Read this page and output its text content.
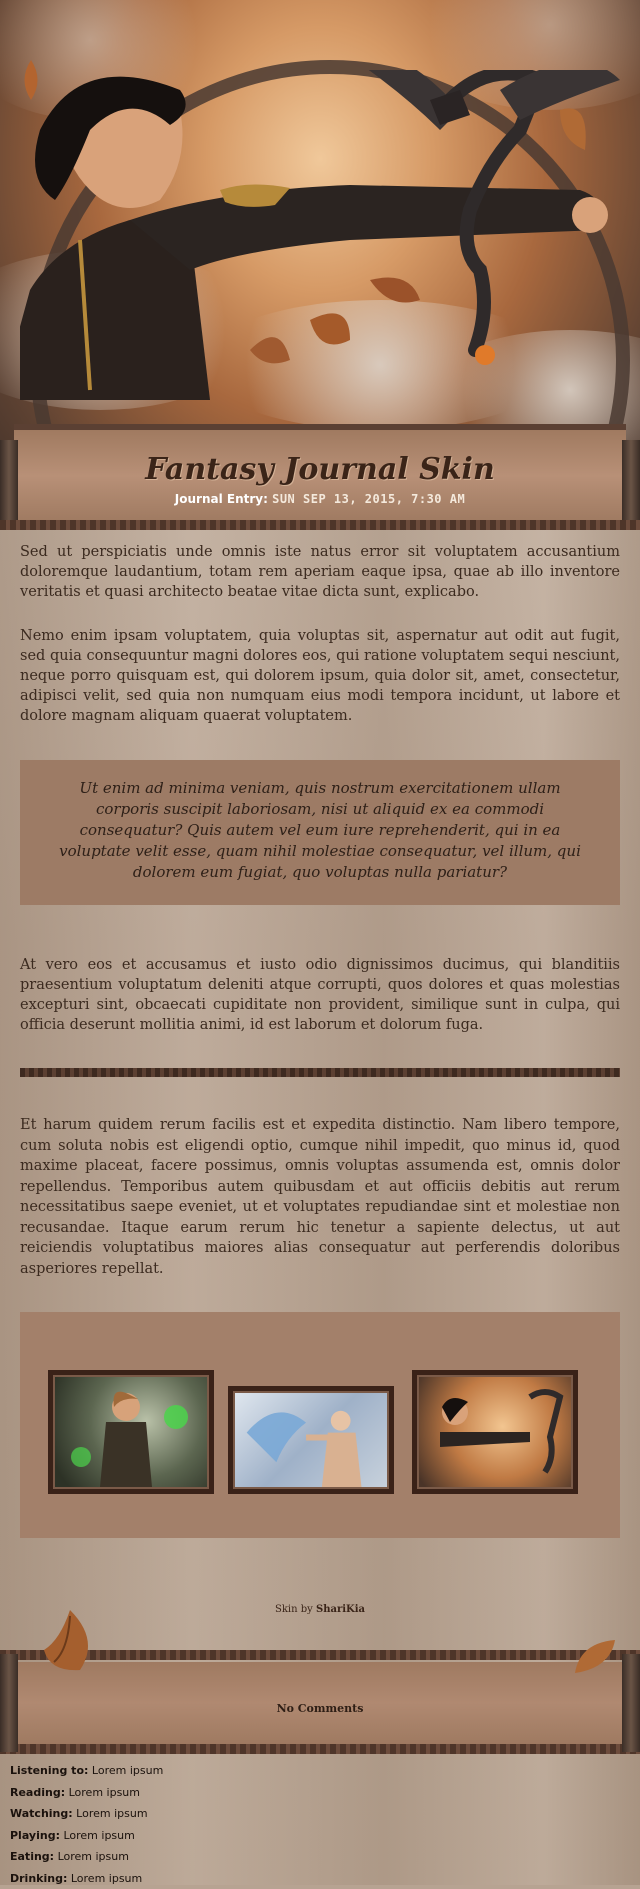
Fantasy Journal Skin
Journal Entry: SUN SEP 13, 2015, 7:30 AM

Sed ut perspiciatis unde omnis iste natus error sit voluptatem accusantium doloremque laudantium, totam rem aperiam eaque ipsa, quae ab illo inventore veritatis et quasi architecto beatae vitae dicta sunt, explicabo.

Nemo enim ipsam voluptatem, quia voluptas sit, aspernatur aut odit aut fugit, sed quia consequuntur magni dolores eos, qui ratione voluptatem sequi nesciunt, neque porro quisquam est, qui dolorem ipsum, quia dolor sit, amet, consectetur, adipisci velit, sed quia non numquam eius modi tempora incidunt, ut labore et dolore magnam aliquam quaerat voluptatem.

Ut enim ad minima veniam, quis nostrum exercitationem ullam corporis suscipit laboriosam, nisi ut aliquid ex ea commodi consequatur? Quis autem vel eum iure reprehenderit, qui in ea voluptate velit esse, quam nihil molestiae consequatur, vel illum, qui dolorem eum fugiat, quo voluptas nulla pariatur?

At vero eos et accusamus et iusto odio dignissimos ducimus, qui blanditiis praesentium voluptatum deleniti atque corrupti, quos dolores et quas molestias excepturi sint, obcaecati cupiditate non provident, similique sunt in culpa, qui officia deserunt mollitia animi, id est laborum et dolorum fuga.

Et harum quidem rerum facilis est et expedita distinctio. Nam libero tempore, cum soluta nobis est eligendi optio, cumque nihil impedit, quo minus id, quod maxime placeat, facere possimus, omnis voluptas assumenda est, omnis dolor repellendus. Temporibus autem quibusdam et aut officiis debitis aut rerum necessitatibus saepe eveniet, ut et voluptates repudiandae sint et molestiae non recusandae. Itaque earum rerum hic tenetur a sapiente delectus, ut aut reiciendis voluptatibus maiores alias consequatur aut perferendis doloribus asperiores repellat.

Skin by ShariKia
No Comments
Listening to: Lorem ipsum
Reading: Lorem ipsum
Watching: Lorem ipsum
Playing: Lorem ipsum
Eating: Lorem ipsum
Drinking: Lorem ipsum
